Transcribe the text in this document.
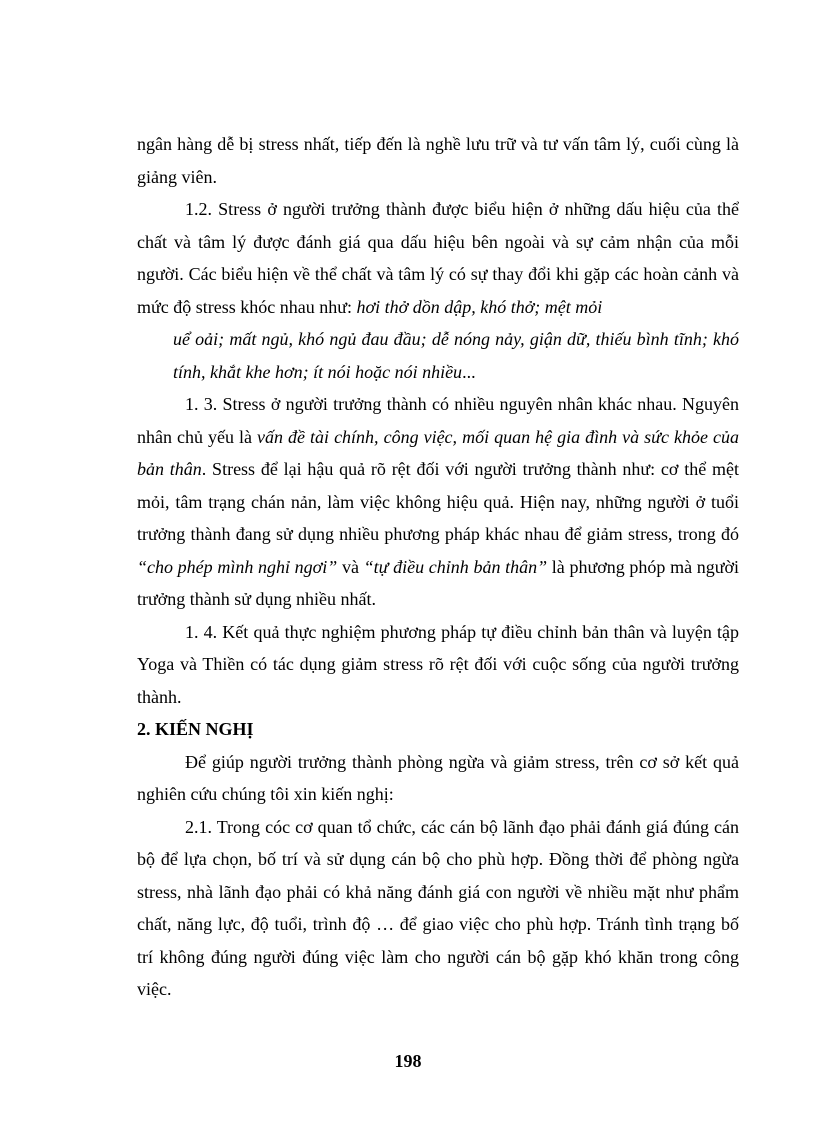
ngân hàng dễ bị stress nhất, tiếp đến là nghề lưu trữ và tư vấn tâm lý, cuối cùng là giảng viên.

1.2. Stress ở người trưởng thành được biểu hiện ở những dấu hiệu của thể chất và tâm lý được đánh giá qua dấu hiệu bên ngoài và sự cảm nhận của mỗi người. Các biểu hiện về thể chất và tâm lý có sự thay đổi khi gặp các hoàn cảnh và mức độ stress khóc nhau như: hơi thở dồn dập, khó thở; mệt mỏi

uể oải; mất ngủ, khó ngủ đau đầu; dễ nóng nảy, giận dữ, thiếu bình tĩnh; khó tính, khắt khe hơn; ít nói hoặc nói nhiều...

1. 3. Stress ở người trưởng thành có nhiều nguyên nhân khác nhau. Nguyên nhân chủ yếu là vấn đề tài chính, công việc, mối quan hệ gia đình và sức khỏe của bản thân. Stress để lại hậu quả rõ rệt đối với người trưởng thành như: cơ thể mệt mỏi, tâm trạng chán nản, làm việc không hiệu quả. Hiện nay, những người ở tuổi trưởng thành đang sử dụng nhiều phương pháp khác nhau để giảm stress, trong đó “cho phép mình nghỉ ngơi” và “tự điều chỉnh bản thân” là phương phóp mà người trưởng thành sử dụng nhiều nhất.

1. 4. Kết quả thực nghiệm phương pháp tự điều chỉnh bản thân và luyện tập Yoga và Thiền có tác dụng giảm stress rõ rệt đối với cuộc sống của người trưởng thành.

2. KIẾN NGHỊ

Để giúp người trưởng thành phòng ngừa và giảm stress, trên cơ sở kết quả nghiên cứu chúng tôi xin kiến nghị:

2.1. Trong cóc cơ quan tổ chức, các cán bộ lãnh đạo phải đánh giá đúng cán bộ để lựa chọn, bố trí và sử dụng cán bộ cho phù hợp. Đồng thời để phòng ngừa stress, nhà lãnh đạo phải có khả năng đánh giá con người về nhiều mặt như phẩm chất, năng lực, độ tuổi, trình độ … để giao việc cho phù hợp. Tránh tình trạng bố trí không đúng người đúng việc làm cho người cán bộ gặp khó khăn trong công việc.

198
